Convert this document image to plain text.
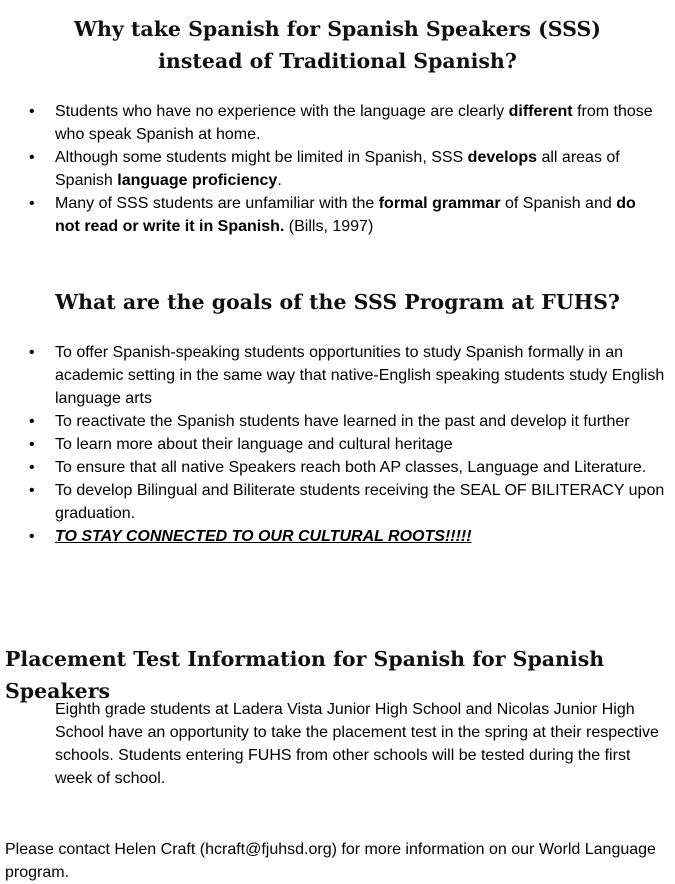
Why take Spanish for Spanish Speakers (SSS)
instead of Traditional Spanish?
• Students who have no experience with the language are clearly different from those who speak Spanish at home.
• Although some students might be limited in Spanish, SSS develops all areas of Spanish language proficiency.
• Many of SSS students are unfamiliar with the formal grammar of Spanish and do not read or write it in Spanish. (Bills, 1997)
What are the goals of the SSS Program at FUHS?
• To offer Spanish-speaking students opportunities to study Spanish formally in an academic setting in the same way that native-English speaking students study English language arts
• To reactivate the Spanish students have learned in the past and develop it further
• To learn more about their language and cultural heritage
• To ensure that all native Speakers reach both AP classes, Language and Literature.
• To develop Bilingual and Biliterate students receiving the SEAL OF BILITERACY upon graduation.
• TO STAY CONNECTED TO OUR CULTURAL ROOTS!!!!!
Placement Test Information for Spanish for Spanish Speakers

Eighth grade students at Ladera Vista Junior High School and Nicolas Junior High School have an opportunity to take the placement test in the spring at their respective schools. Students entering FUHS from other schools will be tested during the first week of school.

Please contact Helen Craft (hcraft@fjuhsd.org) for more information on our World Language program.
